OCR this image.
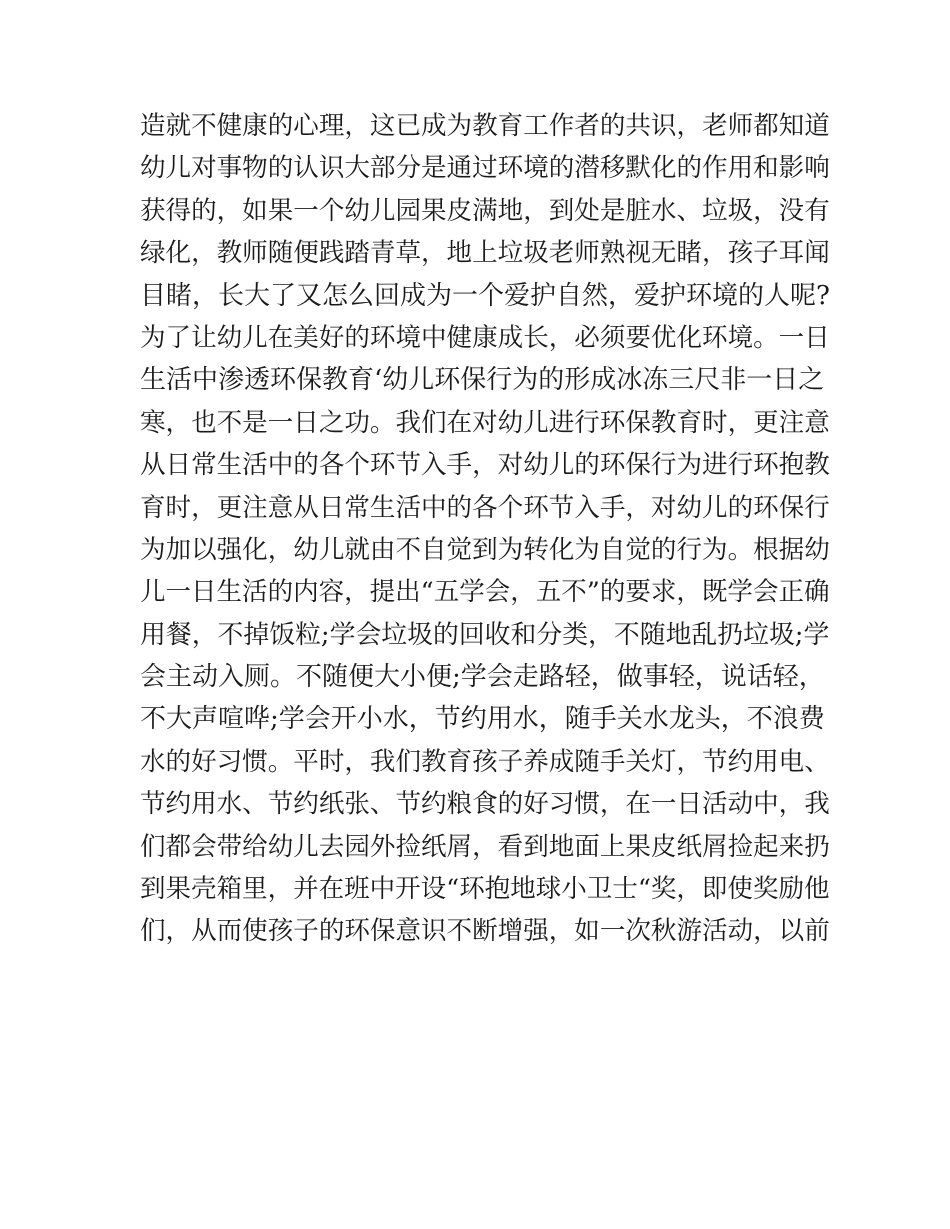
造就不健康的心理，这已成为教育工作者的共识，老师都知道
幼儿对事物的认识大部分是通过环境的潜移默化的作用和影响
获得的，如果一个幼儿园果皮满地，到处是脏水、垃圾，没有
绿化，教师随便践踏青草，地上垃圾老师熟视无睹，孩子耳闻
目睹，长大了又怎么回成为一个爱护自然，爱护环境的人呢?
为了让幼儿在美好的环境中健康成长，必须要优化环境。一日
生活中渗透环保教育‘幼儿环保行为的形成冰冻三尺非一日之
寒，也不是一日之功。我们在对幼儿进行环保教育时，更注意
从日常生活中的各个环节入手，对幼儿的环保行为进行环抱教
育时，更注意从日常生活中的各个环节入手，对幼儿的环保行
为加以强化，幼儿就由不自觉到为转化为自觉的行为。根据幼
儿一日生活的内容，提出“五学会，五不”的要求，既学会正确
用餐，不掉饭粒;学会垃圾的回收和分类，不随地乱扔垃圾;学
会主动入厕。不随便大小便;学会走路轻，做事轻，说话轻，
不大声喧哗;学会开小水，节约用水，随手关水龙头，不浪费
水的好习惯。平时，我们教育孩子养成随手关灯，节约用电、
节约用水、节约纸张、节约粮食的好习惯，在一日活动中，我
们都会带给幼儿去园外捡纸屑，看到地面上果皮纸屑捡起来扔
到果壳箱里，并在班中开设“环抱地球小卫士“奖，即使奖励他
们，从而使孩子的环保意识不断增强，如一次秋游活动，以前
